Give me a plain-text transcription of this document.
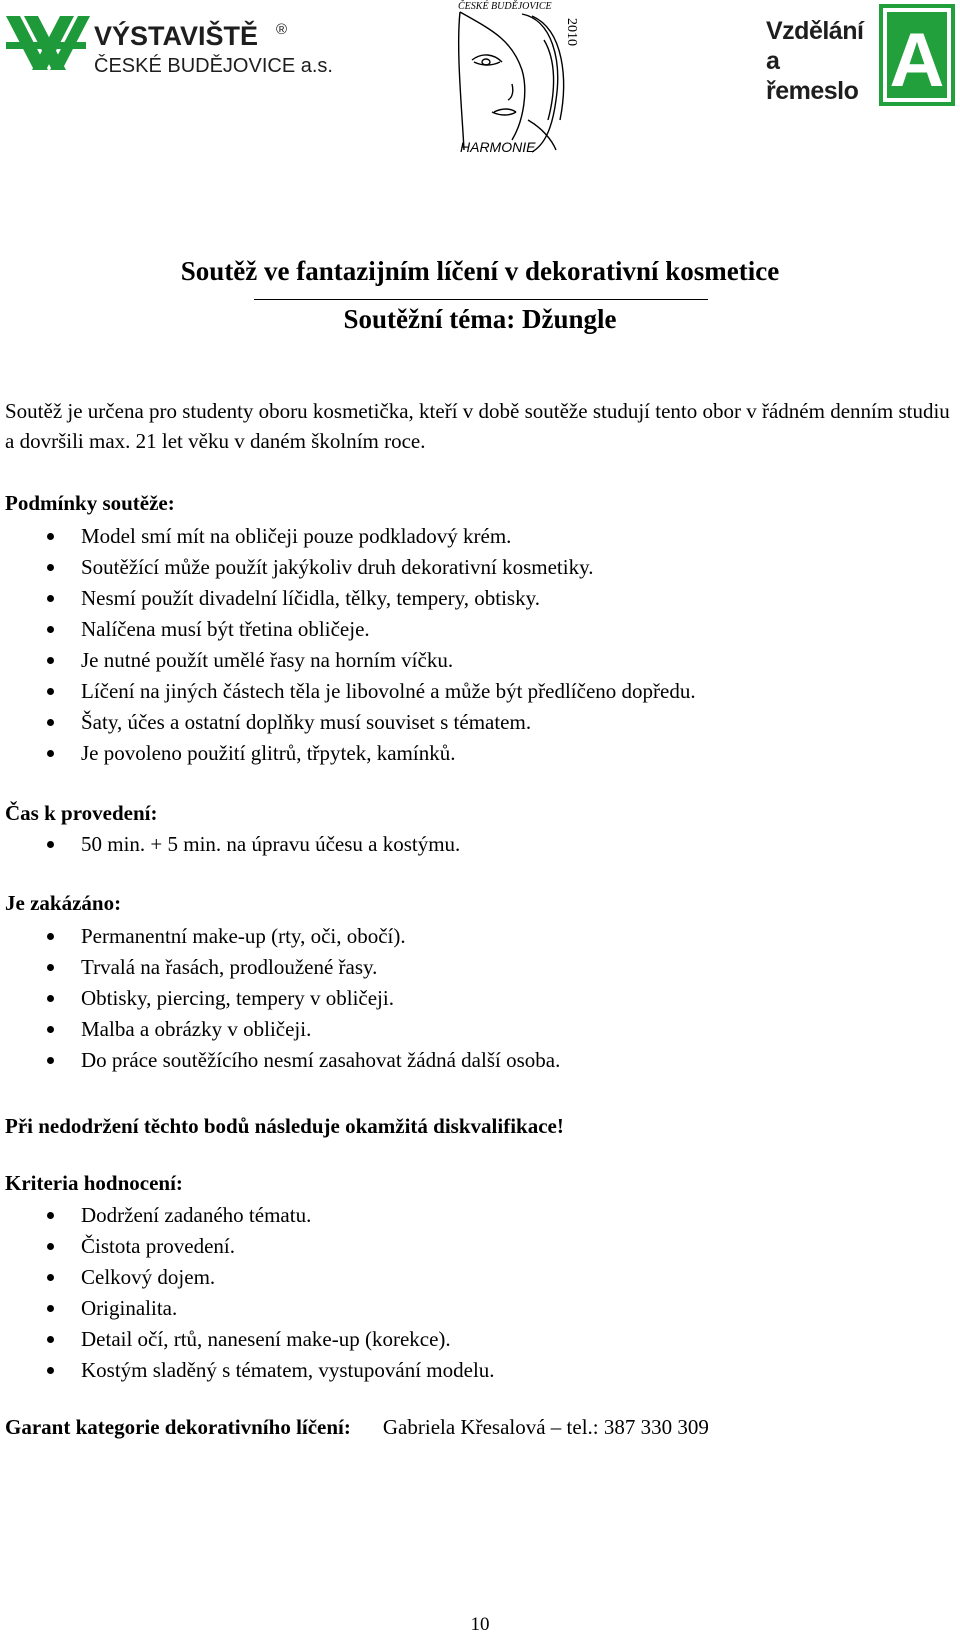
VÝSTAVIŠTĚ ®
ČESKÉ BUDĚJOVICE a.s.
ČESKÉ BUDĚJOVICE
2010
HARMONIE
Vzdělání
a
řemeslo A
Soutěž ve fantazijním líčení v dekorativní kosmetice
Soutěžní téma: Džungle

Soutěž je určena pro studenty oboru kosmetička, kteří v době soutěže studují tento obor v řádném denním studiu a dovršili max. 21 let věku v daném školním roce.

Podmínky soutěže:
Model smí mít na obličeji pouze podkladový krém.
Soutěžící může použít jakýkoliv druh dekorativní kosmetiky.
Nesmí použít divadelní líčidla, tělky, tempery, obtisky.
Nalíčena musí být třetina obličeje.
Je nutné použít umělé řasy na horním víčku.
Líčení na jiných částech těla je libovolné a může být předlíčeno dopředu.
Šaty, účes a ostatní doplňky musí souviset s tématem.
Je povoleno použití glitrů, třpytek, kamínků.
Čas k provedení:
50 min. + 5 min. na úpravu účesu a kostýmu.
Je zakázáno:
Permanentní make-up (rty, oči, obočí).
Trvalá na řasách, prodloužené řasy.
Obtisky, piercing, tempery v obličeji.
Malba a obrázky v obličeji.
Do práce soutěžícího nesmí zasahovat žádná další osoba.
Při nedodržení těchto bodů následuje okamžitá diskvalifikace!
Kriteria hodnocení:
Dodržení zadaného tématu.
Čistota provedení.
Celkový dojem.
Originalita.
Detail očí, rtů, nanesení make-up (korekce).
Kostým sladěný s tématem, vystupování modelu.
Garant kategorie dekorativního líčení: Gabriela Křesalová – tel.: 387 330 309
10
